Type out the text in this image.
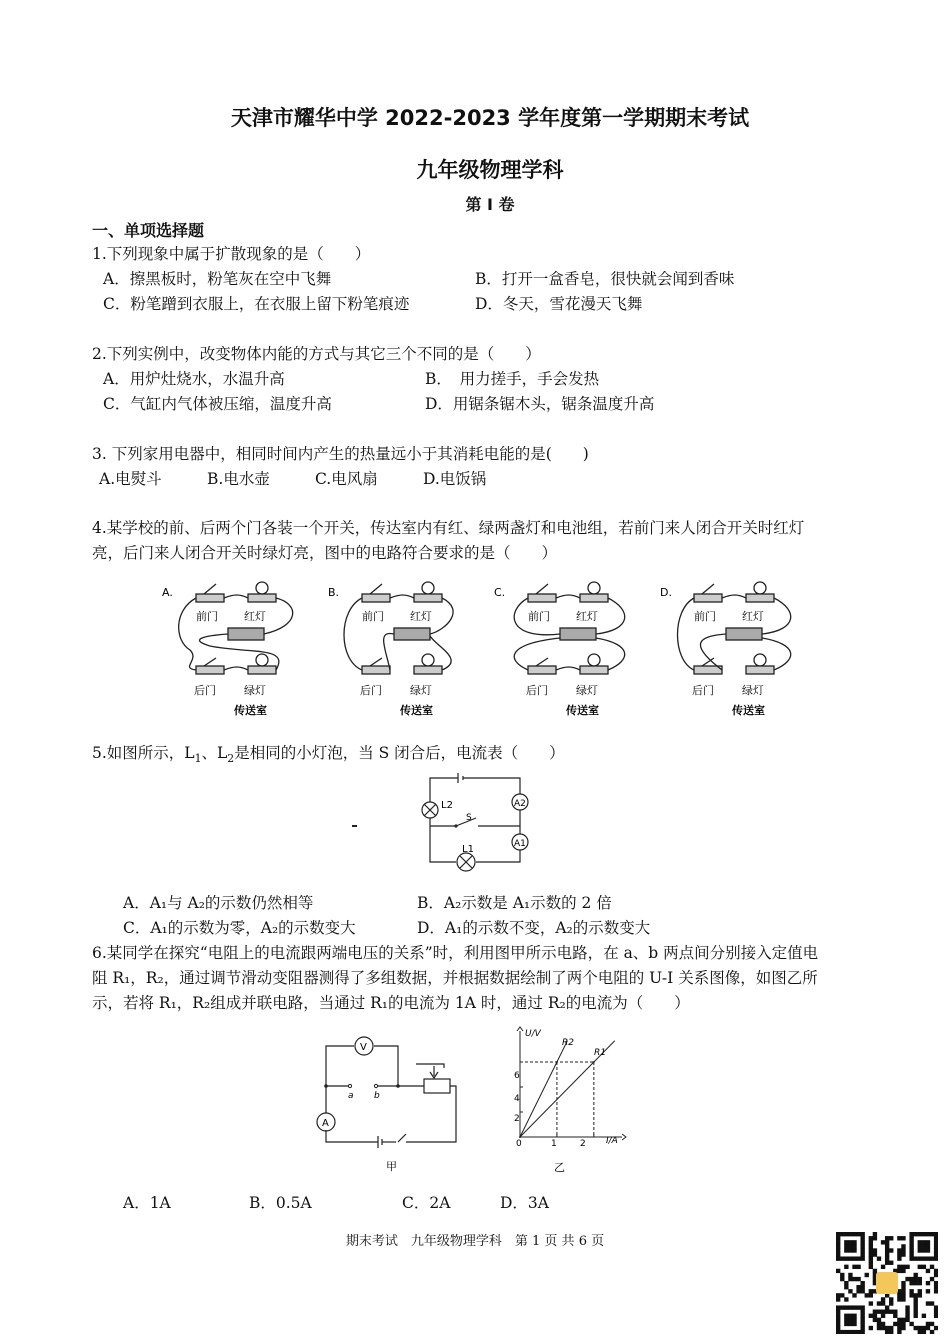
天津市耀华中学 2022-2023 学年度第一学期期末考试
九年级物理学科
第 I 卷
一、单项选择题
1.下列现象中属于扩散现象的是（　　）
A．擦黑板时，粉笔灰在空中飞舞	B．打开一盒香皂，很快就会闻到香味
C．粉笔蹭到衣服上，在衣服上留下粉笔痕迹	D．冬天，雪花漫天飞舞
2.下列实例中，改变物体内能的方式与其它三个不同的是（　　）
A．用炉灶烧水，水温升高	B．　用力搓手，手会发热
C．气缸内气体被压缩，温度升高	D．用锯条锯木头，锯条温度升高
3. 下列家用电器中，相同时间内产生的热量远小于其消耗电能的是(　　)
A.电熨斗	B.电水壶	C.电风扇	D.电饭锅
4.某学校的前、后两个门各装一个开关，传达室内有红、绿两盏灯和电池组，若前门来人闭合开关时红灯
亮，后门来人闭合开关时绿灯亮，图中的电路符合要求的是（　　）
A.
前门 红灯
后门	绿灯
传送室
B.
前门 红灯
后门	绿灯
传送室
C.
前门 红灯
后门	绿灯
传送室
D.
前门 红灯
后门	绿灯
传送室
5.如图所示，$L_1$、$L_2$是相同的小灯泡，当 S 闭合后，电流表（　　）
L2	A2
A1
S
L1
A．A₁与 A₂的示数仍然相等	B．A₂示数是 A₁示数的 2 倍
C．A₁的示数为零，A₂的示数变大	D．A₁的示数不变，A₂的示数变大
6.某同学在探究“电阻上的电流跟两端电压的关系”时，利用图甲所示电路，在 a、b 两点间分别接入定值电
阻 R₁，R₂，通过调节滑动变阻器测得了多组数据，并根据数据绘制了两个电阻的 U-I 关系图像，如图乙所
示，若将 R₁，R₂组成并联电路，当通过 R₁的电流为 1A 时，通过 R₂的电流为（　　）
V
A
a b
甲
U/V
I/A
R2
R1
2
4
6
0	1	2
乙
A．1A	B．0.5A	C．2A	D．3A
期末考试　九年级物理学科　第 1 页 共 6 页
